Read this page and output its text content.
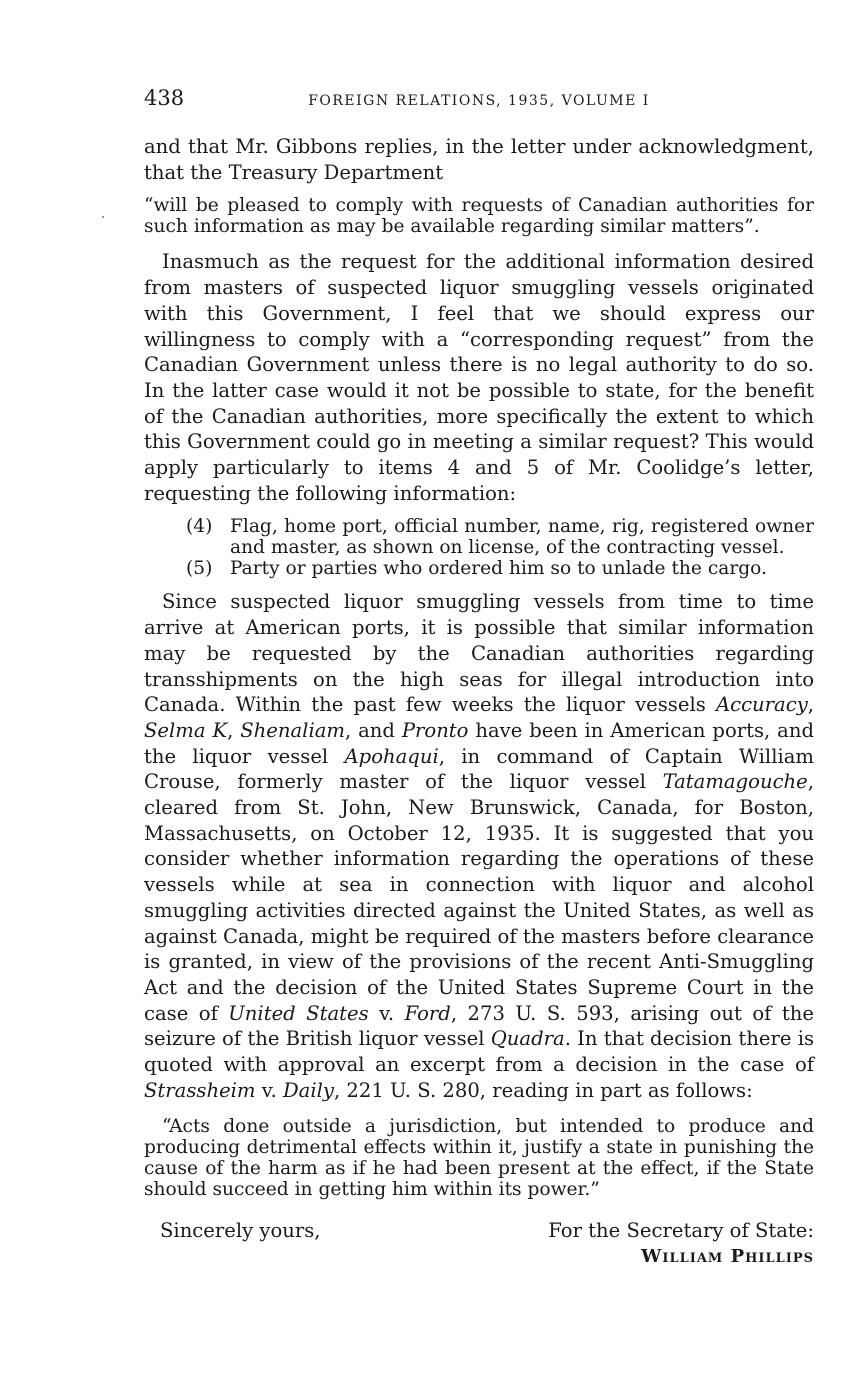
438	FOREIGN RELATIONS, 1935, VOLUME I

and that Mr. Gibbons replies, in the letter under acknowledgment, that the Treasury Department

“will be pleased to comply with requests of Canadian authorities for such information as may be available regarding similar matters”.

Inasmuch as the request for the additional information desired from masters of suspected liquor smuggling vessels originated with this Government, I feel that we should express our willingness to comply with a “corresponding request” from the Canadian Government unless there is no legal authority to do so. In the latter case would it not be possible to state, for the benefit of the Canadian authorities, more specifically the extent to which this Government could go in meeting a similar request? This would apply particularly to items 4 and 5 of Mr. Coolidge’s letter, requesting the following information:

(4) Flag, home port, official number, name, rig, registered owner and master, as shown on license, of the contracting vessel.
(5) Party or parties who ordered him so to unlade the cargo.

Since suspected liquor smuggling vessels from time to time arrive at American ports, it is possible that similar information may be requested by the Canadian authorities regarding transshipments on the high seas for illegal introduction into Canada. Within the past few weeks the liquor vessels Accuracy, Selma K, Shenaliam, and Pronto have been in American ports, and the liquor vessel Apohaqui, in command of Captain William Crouse, formerly master of the liquor vessel Tatamagouche, cleared from St. John, New Brunswick, Canada, for Boston, Massachusetts, on October 12, 1935. It is suggested that you consider whether information regarding the operations of these vessels while at sea in connection with liquor and alcohol smuggling activities directed against the United States, as well as against Canada, might be required of the masters before clearance is granted, in view of the provisions of the recent Anti-Smuggling Act and the decision of the United States Supreme Court in the case of United States v. Ford, 273 U. S. 593, arising out of the seizure of the British liquor vessel Quadra. In that decision there is quoted with approval an excerpt from a decision in the case of Strassheim v. Daily, 221 U. S. 280, reading in part as follows:

“Acts done outside a jurisdiction, but intended to produce and producing detrimental effects within it, justify a state in punishing the cause of the harm as if he had been present at the effect, if the State should succeed in getting him within its power.”

Sincerely yours,	For the Secretary of State:
William Phillips
